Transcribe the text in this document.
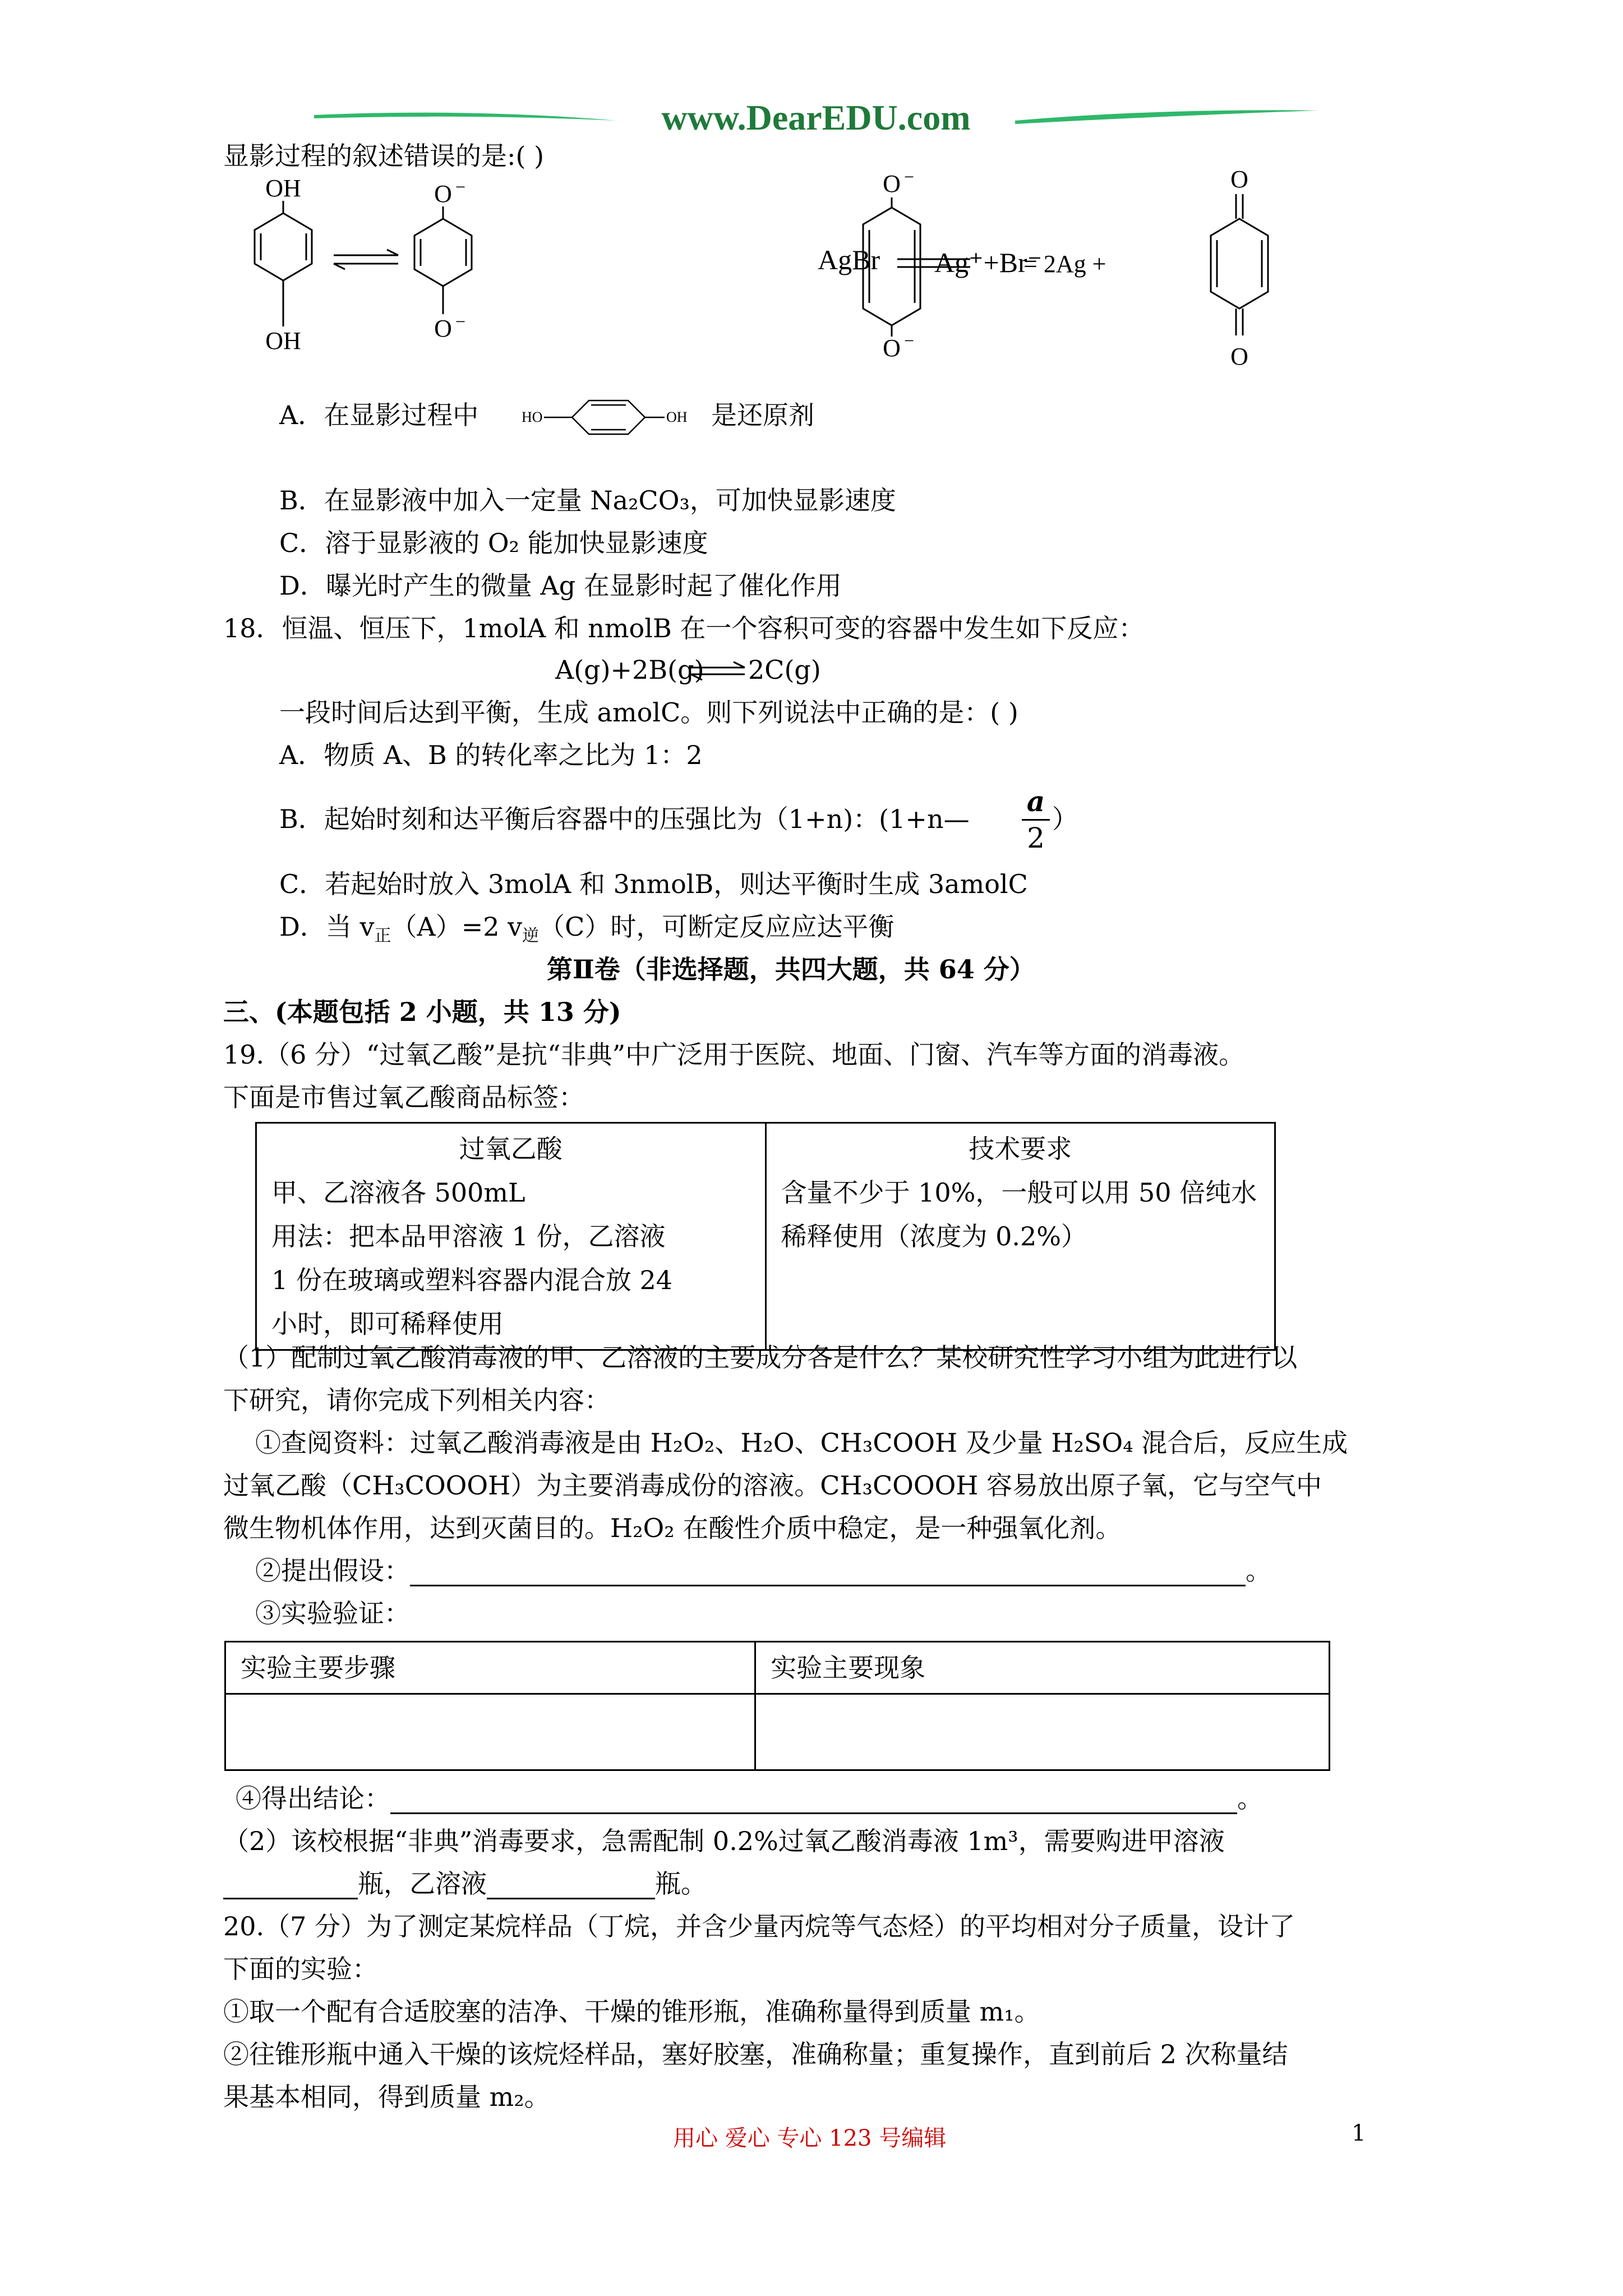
www.DearEDU.com
显影过程的叙述错误的是:( )
OH
OH
O
O
−
−
O −
O −
O
O
AgBr Ag⁺+Br⁻
= 2Ag +
A．在显影过程中	HO	OH 是还原剂
B．在显影液中加入一定量 Na₂CO₃，可加快显影速度
C．溶于显影液的 O₂ 能加快显影速度
D．曝光时产生的微量 Ag 在显影时起了催化作用
18．恒温、恒压下，1molA 和 nmolB 在一个容积可变的容器中发生如下反应：
A(g)+2B(g) 2C(g)
一段时间后达到平衡，生成 amolC。则下列说法中正确的是：( )
A．物质 A、B 的转化率之比为 1：2
B．起始时刻和达平衡后容器中的压强比为（1+n)：(1+n— $\frac{a}{2}$ ）
C．若起始时放入 3molA 和 3nmolB，则达平衡时生成 3amolC
D．当 $v_正(A)=2$ $v_逆(C)$时，可断定反应应达平衡
第Ⅱ卷（非选择题，共四大题，共 64 分）
三、(本题包括 2 小题，共 13 分)
19.（6 分）“过氧乙酸”是抗“非典”中广泛用于医院、地面、门窗、汽车等方面的消毒液。
下面是市售过氧乙酸商品标签：
过氧乙酸
甲、乙溶液各 500mL
用法：把本品甲溶液 1 份，乙溶液
1 份在玻璃或塑料容器内混合放 24
小时，即可稀释使用

技术要求
含量不少于 10%，一般可以用 50 倍纯水
稀释使用（浓度为 0.2%）
（1）配制过氧乙酸消毒液的甲、乙溶液的主要成分各是什么？某校研究性学习小组为此进行以
下研究，请你完成下列相关内容：
①查阅资料：过氧乙酸消毒液是由 H₂O₂、H₂O、CH₃COOH 及少量 H₂SO₄ 混合后，反应生成
过氧乙酸（CH₃COOOH）为主要消毒成份的溶液。CH₃COOOH 容易放出原子氧，它与空气中
微生物机体作用，达到灭菌目的。H₂O₂ 在酸性介质中稳定，是一种强氧化剂。
②提出假设：	。
③实验验证：
实验主要步骤	实验主要现象

④得出结论：	。
（2）该校根据“非典”消毒要求，急需配制 0.2%过氧乙酸消毒液 1m³，需要购进甲溶液
瓶，乙溶液	瓶。
20.（7 分）为了测定某烷样品（丁烷，并含少量丙烷等气态烃）的平均相对分子质量，设计了
下面的实验：
①取一个配有合适胶塞的洁净、干燥的锥形瓶，准确称量得到质量 m₁。
②往锥形瓶中通入干燥的该烷烃样品，塞好胶塞，准确称量；重复操作，直到前后 2 次称量结
果基本相同，得到质量 m₂。
用心 爱心 专心 123 号编辑	1
